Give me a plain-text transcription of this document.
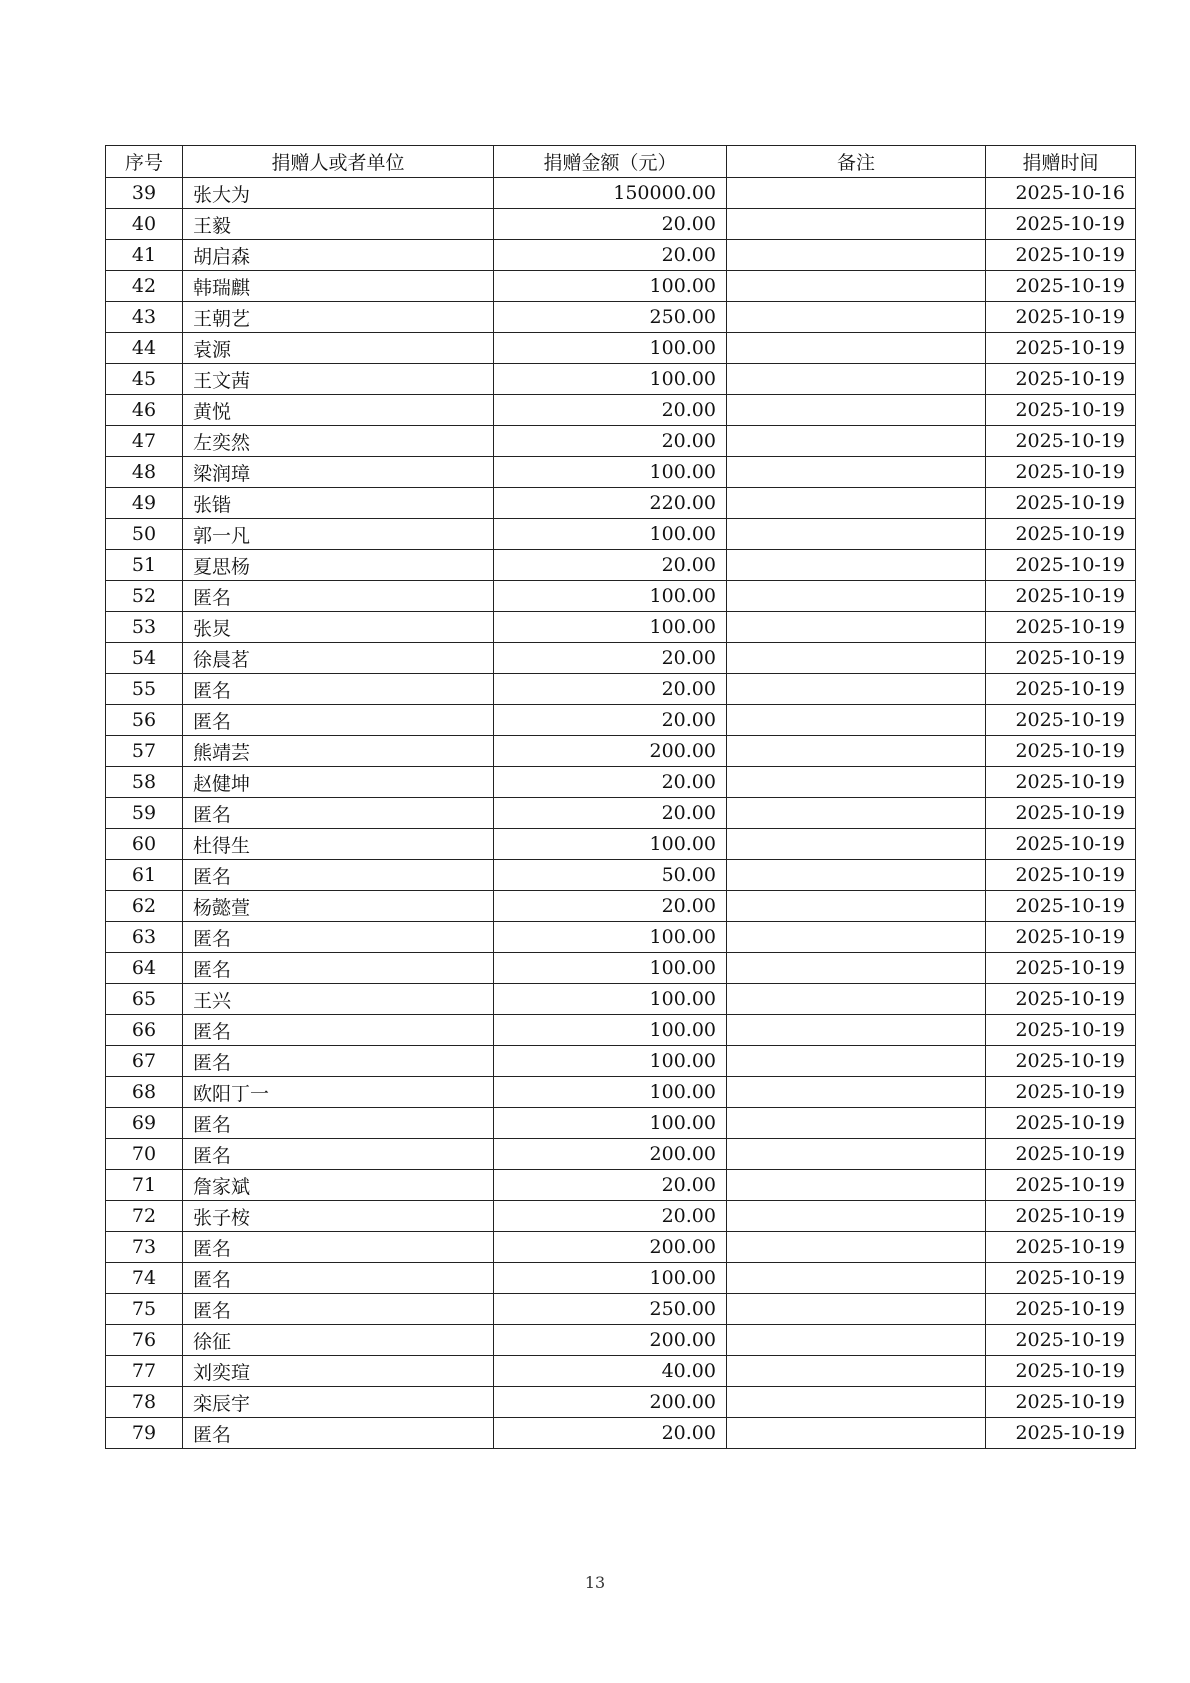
序号	捐赠人或者单位	捐赠金额（元）	备注	捐赠时间
39	张大为	150000.00		2025-10-16
40	王毅	20.00		2025-10-19
41	胡启森	20.00		2025-10-19
42	韩瑞麒	100.00		2025-10-19
43	王朝艺	250.00		2025-10-19
44	袁源	100.00		2025-10-19
45	王文茜	100.00		2025-10-19
46	黄悦	20.00		2025-10-19
47	左奕然	20.00		2025-10-19
48	梁润璋	100.00		2025-10-19
49	张锴	220.00		2025-10-19
50	郭一凡	100.00		2025-10-19
51	夏思杨	20.00		2025-10-19
52	匿名	100.00		2025-10-19
53	张炅	100.00		2025-10-19
54	徐晨茗	20.00		2025-10-19
55	匿名	20.00		2025-10-19
56	匿名	20.00		2025-10-19
57	熊靖芸	200.00		2025-10-19
58	赵健坤	20.00		2025-10-19
59	匿名	20.00		2025-10-19
60	杜得生	100.00		2025-10-19
61	匿名	50.00		2025-10-19
62	杨懿萱	20.00		2025-10-19
63	匿名	100.00		2025-10-19
64	匿名	100.00		2025-10-19
65	王兴	100.00		2025-10-19
66	匿名	100.00		2025-10-19
67	匿名	100.00		2025-10-19
68	欧阳丁一	100.00		2025-10-19
69	匿名	100.00		2025-10-19
70	匿名	200.00		2025-10-19
71	詹家斌	20.00		2025-10-19
72	张子桉	20.00		2025-10-19
73	匿名	200.00		2025-10-19
74	匿名	100.00		2025-10-19
75	匿名	250.00		2025-10-19
76	徐征	200.00		2025-10-19
77	刘奕瑄	40.00		2025-10-19
78	栾辰宇	200.00		2025-10-19
79	匿名	20.00		2025-10-19
13
